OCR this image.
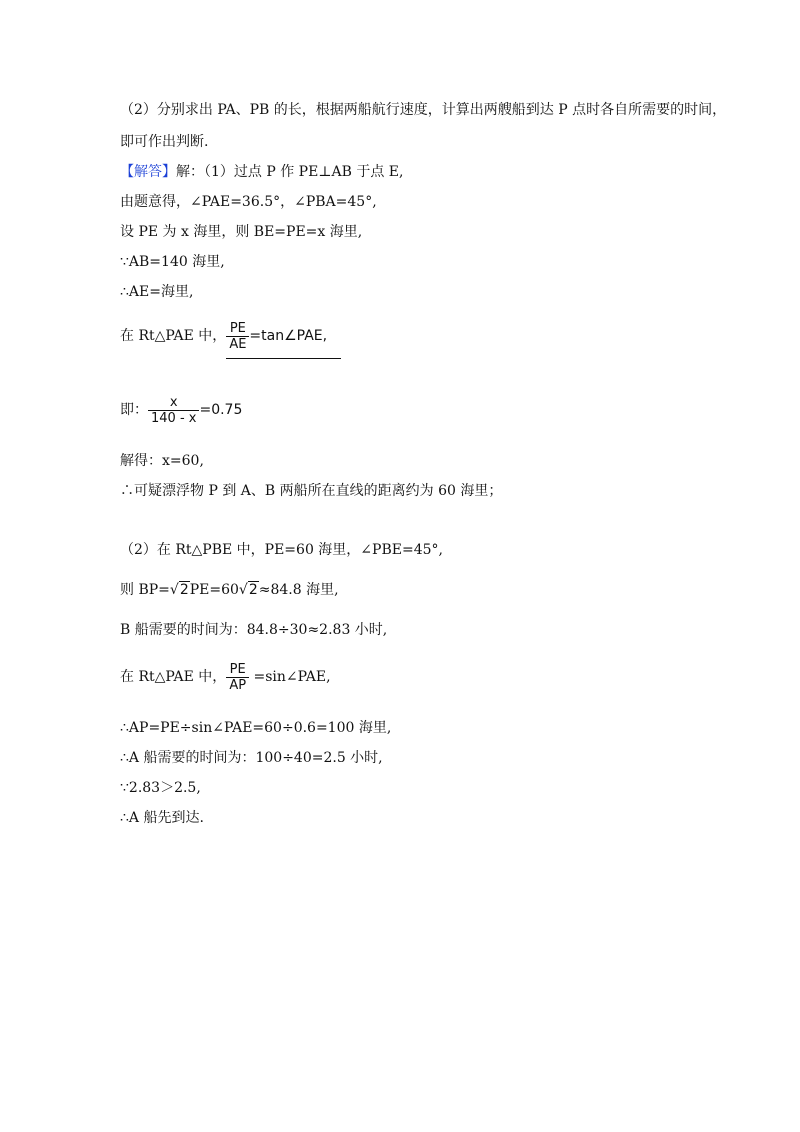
（2）分别求出 PA、PB 的长，根据两船航行速度，计算出两艘船到达 P 点时各自所需要的时间，
即可作出判断.
【解答】解：（1）过点 P 作 PE⊥AB 于点 E,
由题意得，∠PAE=36.5°，∠PBA=45°,
设 PE 为 x 海里，则 BE=PE=x 海里,
∵AB=140 海里,
∴AE=海里,
在 Rt△PAE 中， $\frac{PE}{AE}$ =tan∠PAE,
即： $\frac{x}{140 - x} =0.75$
解得：x=60,
∴可疑漂浮物 P 到 A、B 两船所在直线的距离约为 60 海里；
（2）在 Rt△PBE 中，PE=60 海里，∠PBE=45°,
则 BP=√2PE=60√2≈84.8 海里,
B 船需要的时间为：84.8÷30≈2.83 小时,
在 Rt△PAE 中， $\frac{PE}{AP}$ =sin∠PAE,
∴AP=PE÷sin∠PAE=60÷0.6=100 海里,
∴A 船需要的时间为：100÷40=2.5 小时,
∵2.83＞2.5,
∴A 船先到达.
